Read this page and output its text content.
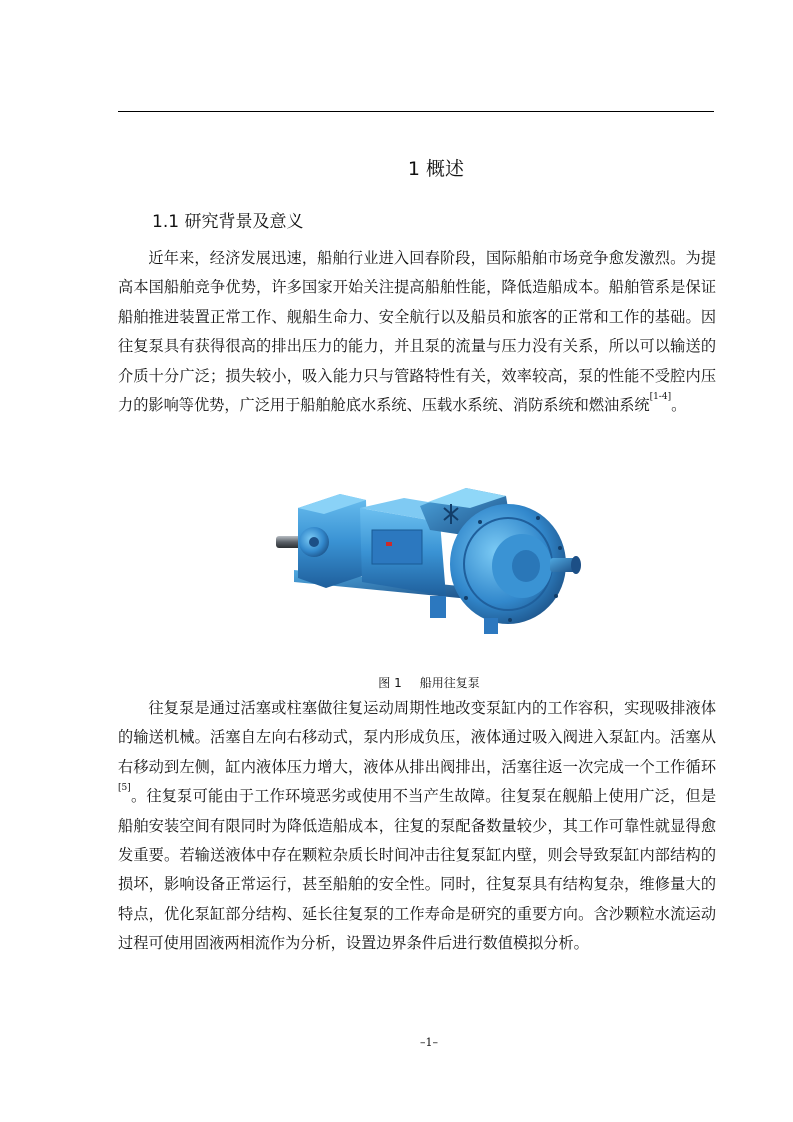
1 概述
1.1 研究背景及意义

近年来，经济发展迅速，船舶行业进入回春阶段，国际船舶市场竞争愈发激烈。为提高本国船舶竞争优势，许多国家开始关注提高船舶性能，降低造船成本。船舶管系是保证船舶推进装置正常工作、舰船生命力、安全航行以及船员和旅客的正常和工作的基础。因往复泵具有获得很高的排出压力的能力，并且泵的流量与压力没有关系，所以可以输送的介质十分广泛；损失较小，吸入能力只与管路特性有关，效率较高，泵的性能不受腔内压力的影响等优势，广泛用于船舶舱底水系统、压载水系统、消防系统和燃油系统[1-4]。

图 1 船用往复泵

往复泵是通过活塞或柱塞做往复运动周期性地改变泵缸内的工作容积，实现吸排液体的输送机械。活塞自左向右移动式，泵内形成负压，液体通过吸入阀进入泵缸内。活塞从右移动到左侧，缸内液体压力增大，液体从排出阀排出，活塞往返一次完成一个工作循环[5]。往复泵可能由于工作环境恶劣或使用不当产生故障。往复泵在舰船上使用广泛，但是船舶安装空间有限同时为降低造船成本，往复的泵配备数量较少，其工作可靠性就显得愈发重要。若输送液体中存在颗粒杂质长时间冲击往复泵缸内壁，则会导致泵缸内部结构的损坏，影响设备正常运行，甚至船舶的安全性。同时，往复泵具有结构复杂，维修量大的特点，优化泵缸部分结构、延长往复泵的工作寿命是研究的重要方向。含沙颗粒水流运动过程可使用固液两相流作为分析，设置边界条件后进行数值模拟分析。

–1–
